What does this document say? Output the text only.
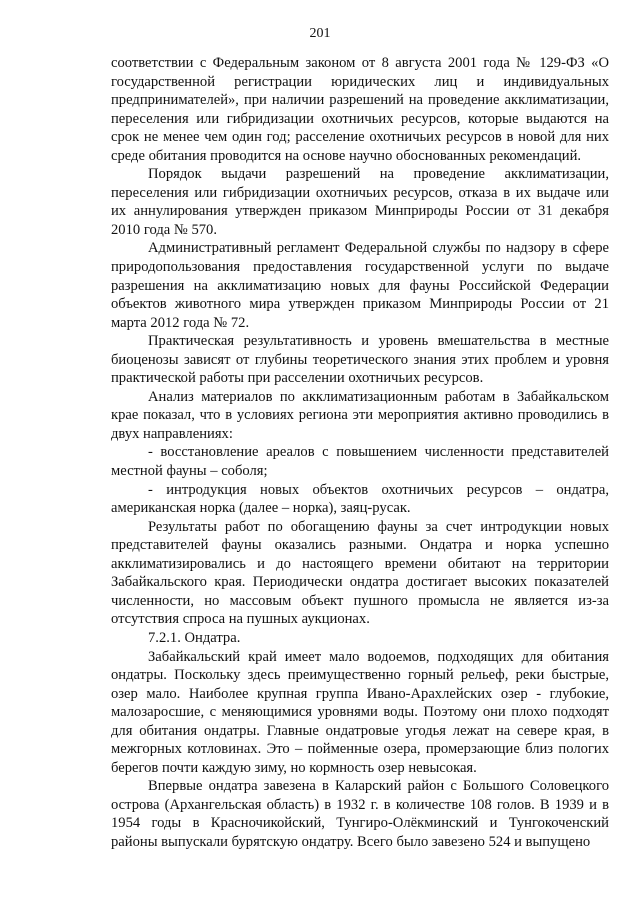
201

соответствии с Федеральным законом от 8 августа 2001 года № 129-ФЗ «О государственной регистрации юридических лиц и индивидуальных предпринимателей», при наличии разрешений на проведение акклиматизации, переселения или гибридизации охотничьих ресурсов, которые выдаются на срок не менее чем один год; расселение охотничьих ресурсов в новой для них среде обитания проводится на основе научно обоснованных рекомендаций.

Порядок выдачи разрешений на проведение акклиматизации, переселения или гибридизации охотничьих ресурсов, отказа в их выдаче или их аннулирования утвержден приказом Минприроды России от 31 декабря 2010 года № 570.

Административный регламент Федеральной службы по надзору в сфере природопользования предоставления государственной услуги по выдаче разрешения на акклиматизацию новых для фауны Российской Федерации объектов животного мира утвержден приказом Минприроды России от 21 марта 2012 года № 72.

Практическая результативность и уровень вмешательства в местные биоценозы зависят от глубины теоретического знания этих проблем и уровня практической работы при расселении охотничьих ресурсов.

Анализ материалов по акклиматизационным работам в Забайкальском крае показал, что в условиях региона эти мероприятия активно проводились в двух направлениях:

- восстановление ареалов с повышением численности представителей местной фауны – соболя;

- интродукция новых объектов охотничьих ресурсов – ондатра, американская норка (далее – норка), заяц-русак.

Результаты работ по обогащению фауны за счет интродукции новых представителей фауны оказались разными. Ондатра и норка успешно акклиматизировались и до настоящего времени обитают на территории Забайкальского края. Периодически ондатра достигает высоких показателей численности, но массовым объект пушного промысла не является из-за отсутствия спроса на пушных аукционах.

7.2.1. Ондатра.

Забайкальский край имеет мало водоемов, подходящих для обитания ондатры. Поскольку здесь преимущественно горный рельеф, реки быстрые, озер мало. Наиболее крупная группа Ивано-Арахлейских озер - глубокие, малозаросшие, с меняющимися уровнями воды. Поэтому они плохо подходят для обитания ондатры. Главные ондатровые угодья лежат на севере края, в межгорных котловинах. Это – пойменные озера, промерзающие близ пологих берегов почти каждую зиму, но кормность озер невысокая.

Впервые ондатра завезена в Каларский район с Большого Соловецкого острова (Архангельская область) в 1932 г. в количестве 108 голов. В 1939 и в 1954 годы в Красночикойский, Тунгиро-Олёкминский и Тунгокоченский районы выпускали бурятскую ондатру. Всего было завезено 524 и выпущено
